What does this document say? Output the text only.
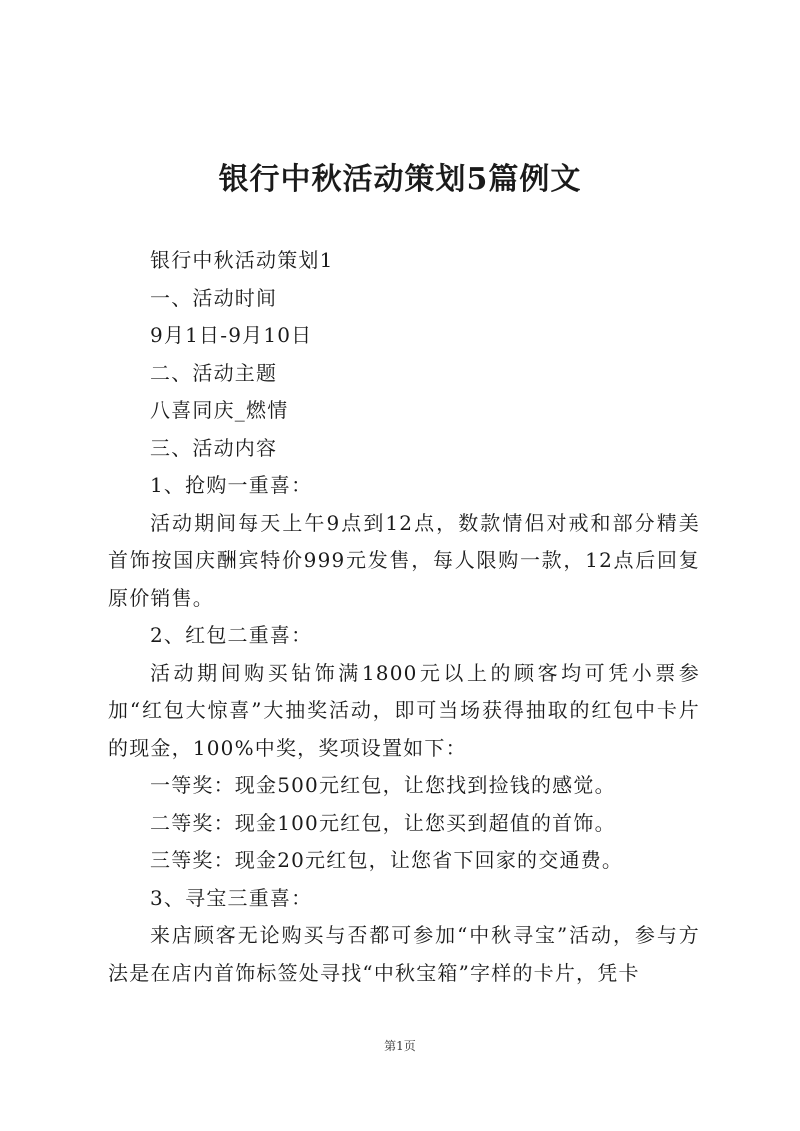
银行中秋活动策划5篇例文

银行中秋活动策划1

一、活动时间

9月1日-9月10日

二、活动主题

八喜同庆_燃情

三、活动内容

1、抢购一重喜：

活动期间每天上午9点到12点，数款情侣对戒和部分精美首饰按国庆酬宾特价999元发售，每人限购一款，12点后回复原价销售。

2、红包二重喜：

活动期间购买钻饰满1800元以上的顾客均可凭小票参加“红包大惊喜”大抽奖活动，即可当场获得抽取的红包中卡片的现金，100%中奖，奖项设置如下：

一等奖：现金500元红包，让您找到捡钱的感觉。

二等奖：现金100元红包，让您买到超值的首饰。

三等奖：现金20元红包，让您省下回家的交通费。

3、寻宝三重喜：

来店顾客无论购买与否都可参加“中秋寻宝”活动，参与方法是在店内首饰标签处寻找“中秋宝箱”字样的卡片，凭卡

第1页
